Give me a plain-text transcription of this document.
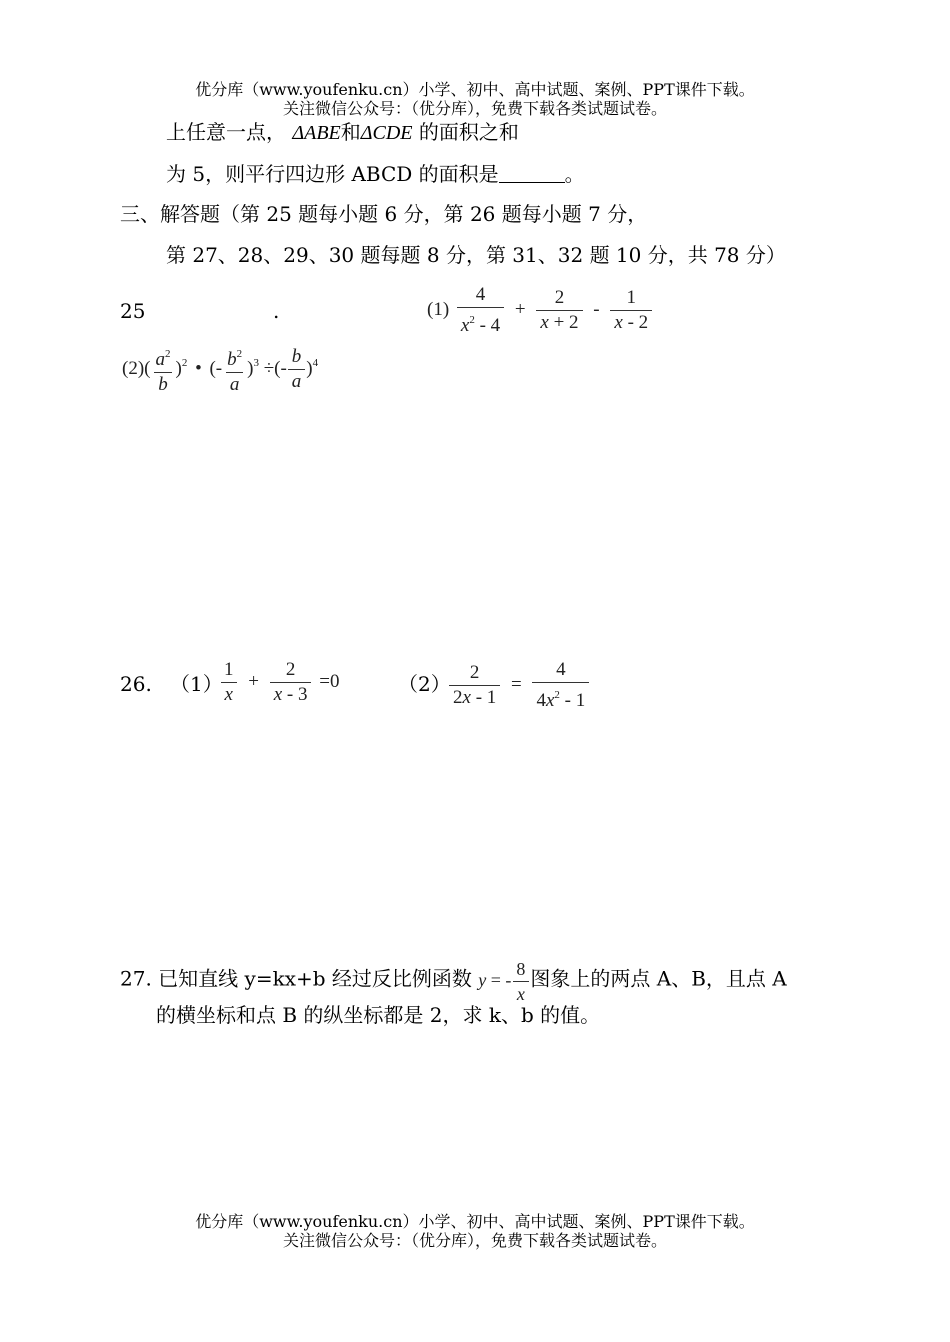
优分库（www.youfenku.cn）小学、初中、高中试题、案例、PPT课件下载。
关注微信公众号：（优分库），免费下载各类试题试卷。
上任意一点， ΔABE和ΔCDE 的面积之和
为 5，则平行四边形 ABCD 的面积是	。
三、解答题（第 25 题每小题 6 分，第 26 题每小题 7 分，
第 27、28、29、30 题每题 8 分，第 31、32 题 10 分，共 78 分）
25	.	$(1) \frac{4}{x^2 - 4} + \frac{2}{x + 2} - \frac{1}{x - 2}$
$(2)( \frac{a^2}{b} )^2$ • (- $\frac{b^2}{a} )^3$ ÷(- $\frac{b}{a} )^4$
26. （1）
$\frac{1}{x} + \frac{2}{x - 3} =0$	（2）
$\frac{2}{2x - 1} = \frac{4}{4x^2 - 1}$
27. 已知直线 y=kx+b 经过反比例函数 y = - $\frac{8}{x}$ 图象上的两点 A、B，且点 A
的横坐标和点 B 的纵坐标都是 2，求 k、b 的值。
优分库（www.youfenku.cn）小学、初中、高中试题、案例、PPT课件下载。
关注微信公众号：（优分库），免费下载各类试题试卷。
